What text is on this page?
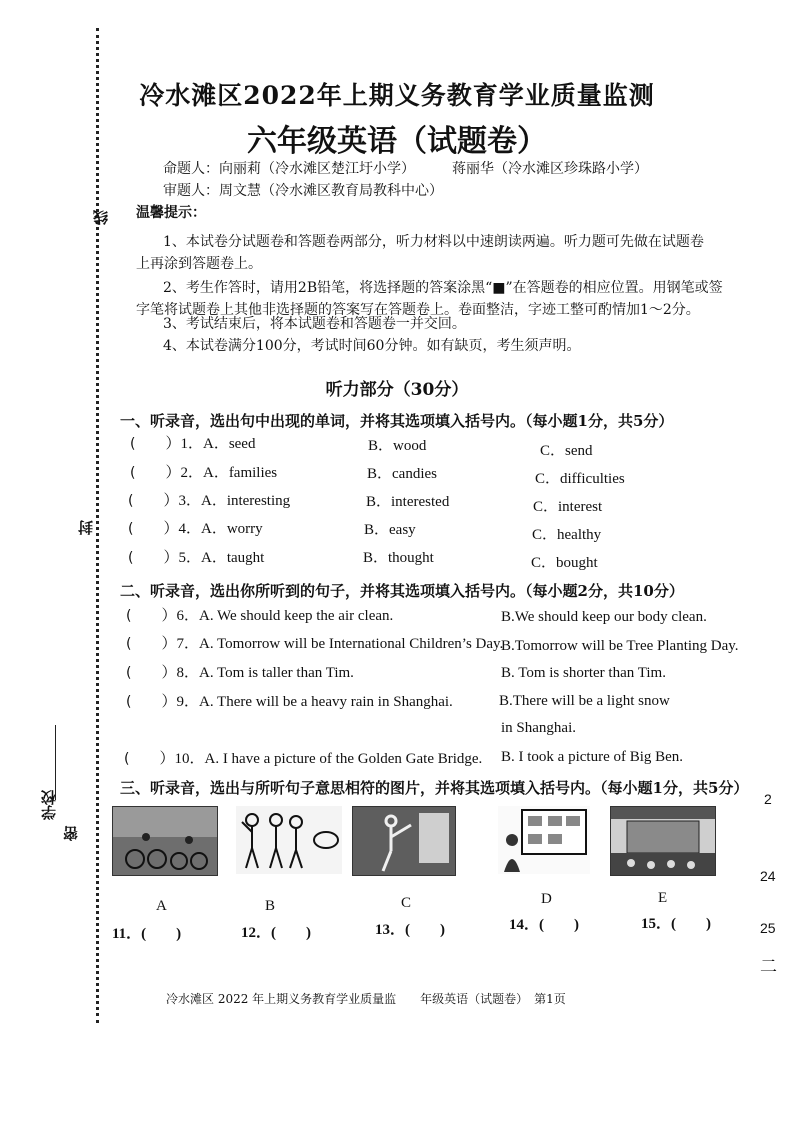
线
封
密
学校
冷水滩区2022年上期义务教育学业质量监测
六年级英语（试题卷）
命题人：向丽莉（冷水滩区楚江圩小学）	蒋丽华（冷水滩区珍珠路小学）
审题人：周文慧（冷水滩区教育局教科中心）
温馨提示：
1、本试卷分试题卷和答题卷两部分，听力材料以中速朗读两遍。听力题可先做在试题卷
上再涂到答题卷上。
2、考生作答时，请用2B铅笔，将选择题的答案涂黑“■”在答题卷的相应位置。用钢笔或签
字笔将试题卷上其他非选择题的答案写在答题卷上。卷面整洁，字迹工整可酌情加1～2分。
3、考试结束后，将本试题卷和答题卷一并交回。
4、本试卷满分100分，考试时间60分钟。如有缺页，考生须声明。
听力部分（30分）
一、听录音，选出句中出现的单词，并将其选项填入括号内。（每小题1分，共5分）
(　　 ）1．A．seed	B．wood	C．send
(　　 ）2．A．families	B．candies	C．difficulties
(　　 ）3．A．interesting	B．interested	C．interest
(　　 ）4．A．worry	B．easy	C．healthy
(　　 ）5．A．taught	B．thought	C．bought
二、听录音，选出你所听到的句子，并将其选项填入括号内。（每小题2分，共10分）
(　　 ）6．A. We should keep the air clean.	B.We should keep our body clean.
(　　 ）7．A. Tomorrow will be International Children’s Day.
B.Tomorrow will be Tree Planting Day.
(　　 ）8．A. Tom is taller than Tim.	B. Tom is shorter than Tim.
(　　 ）9．A. There will be a heavy rain in Shanghai.	B.There will be a light snow
in Shanghai.
(　　 ）10．A. I have a picture of the Golden Gate Bridge. B. I took a picture of Big Ben.
三、听录音，选出与所听句子意思相符的图片，并将其选项填入括号内。（每小题1分，共5分）
A	B	C	D	E
11．(　　)	12．(　　)	13．(　　)	14．(　　)	15．(　　)
冷水滩区 2022 年上期义务教育学业质量监　　年级英语（试题卷）　第1页
2
24
25
二
